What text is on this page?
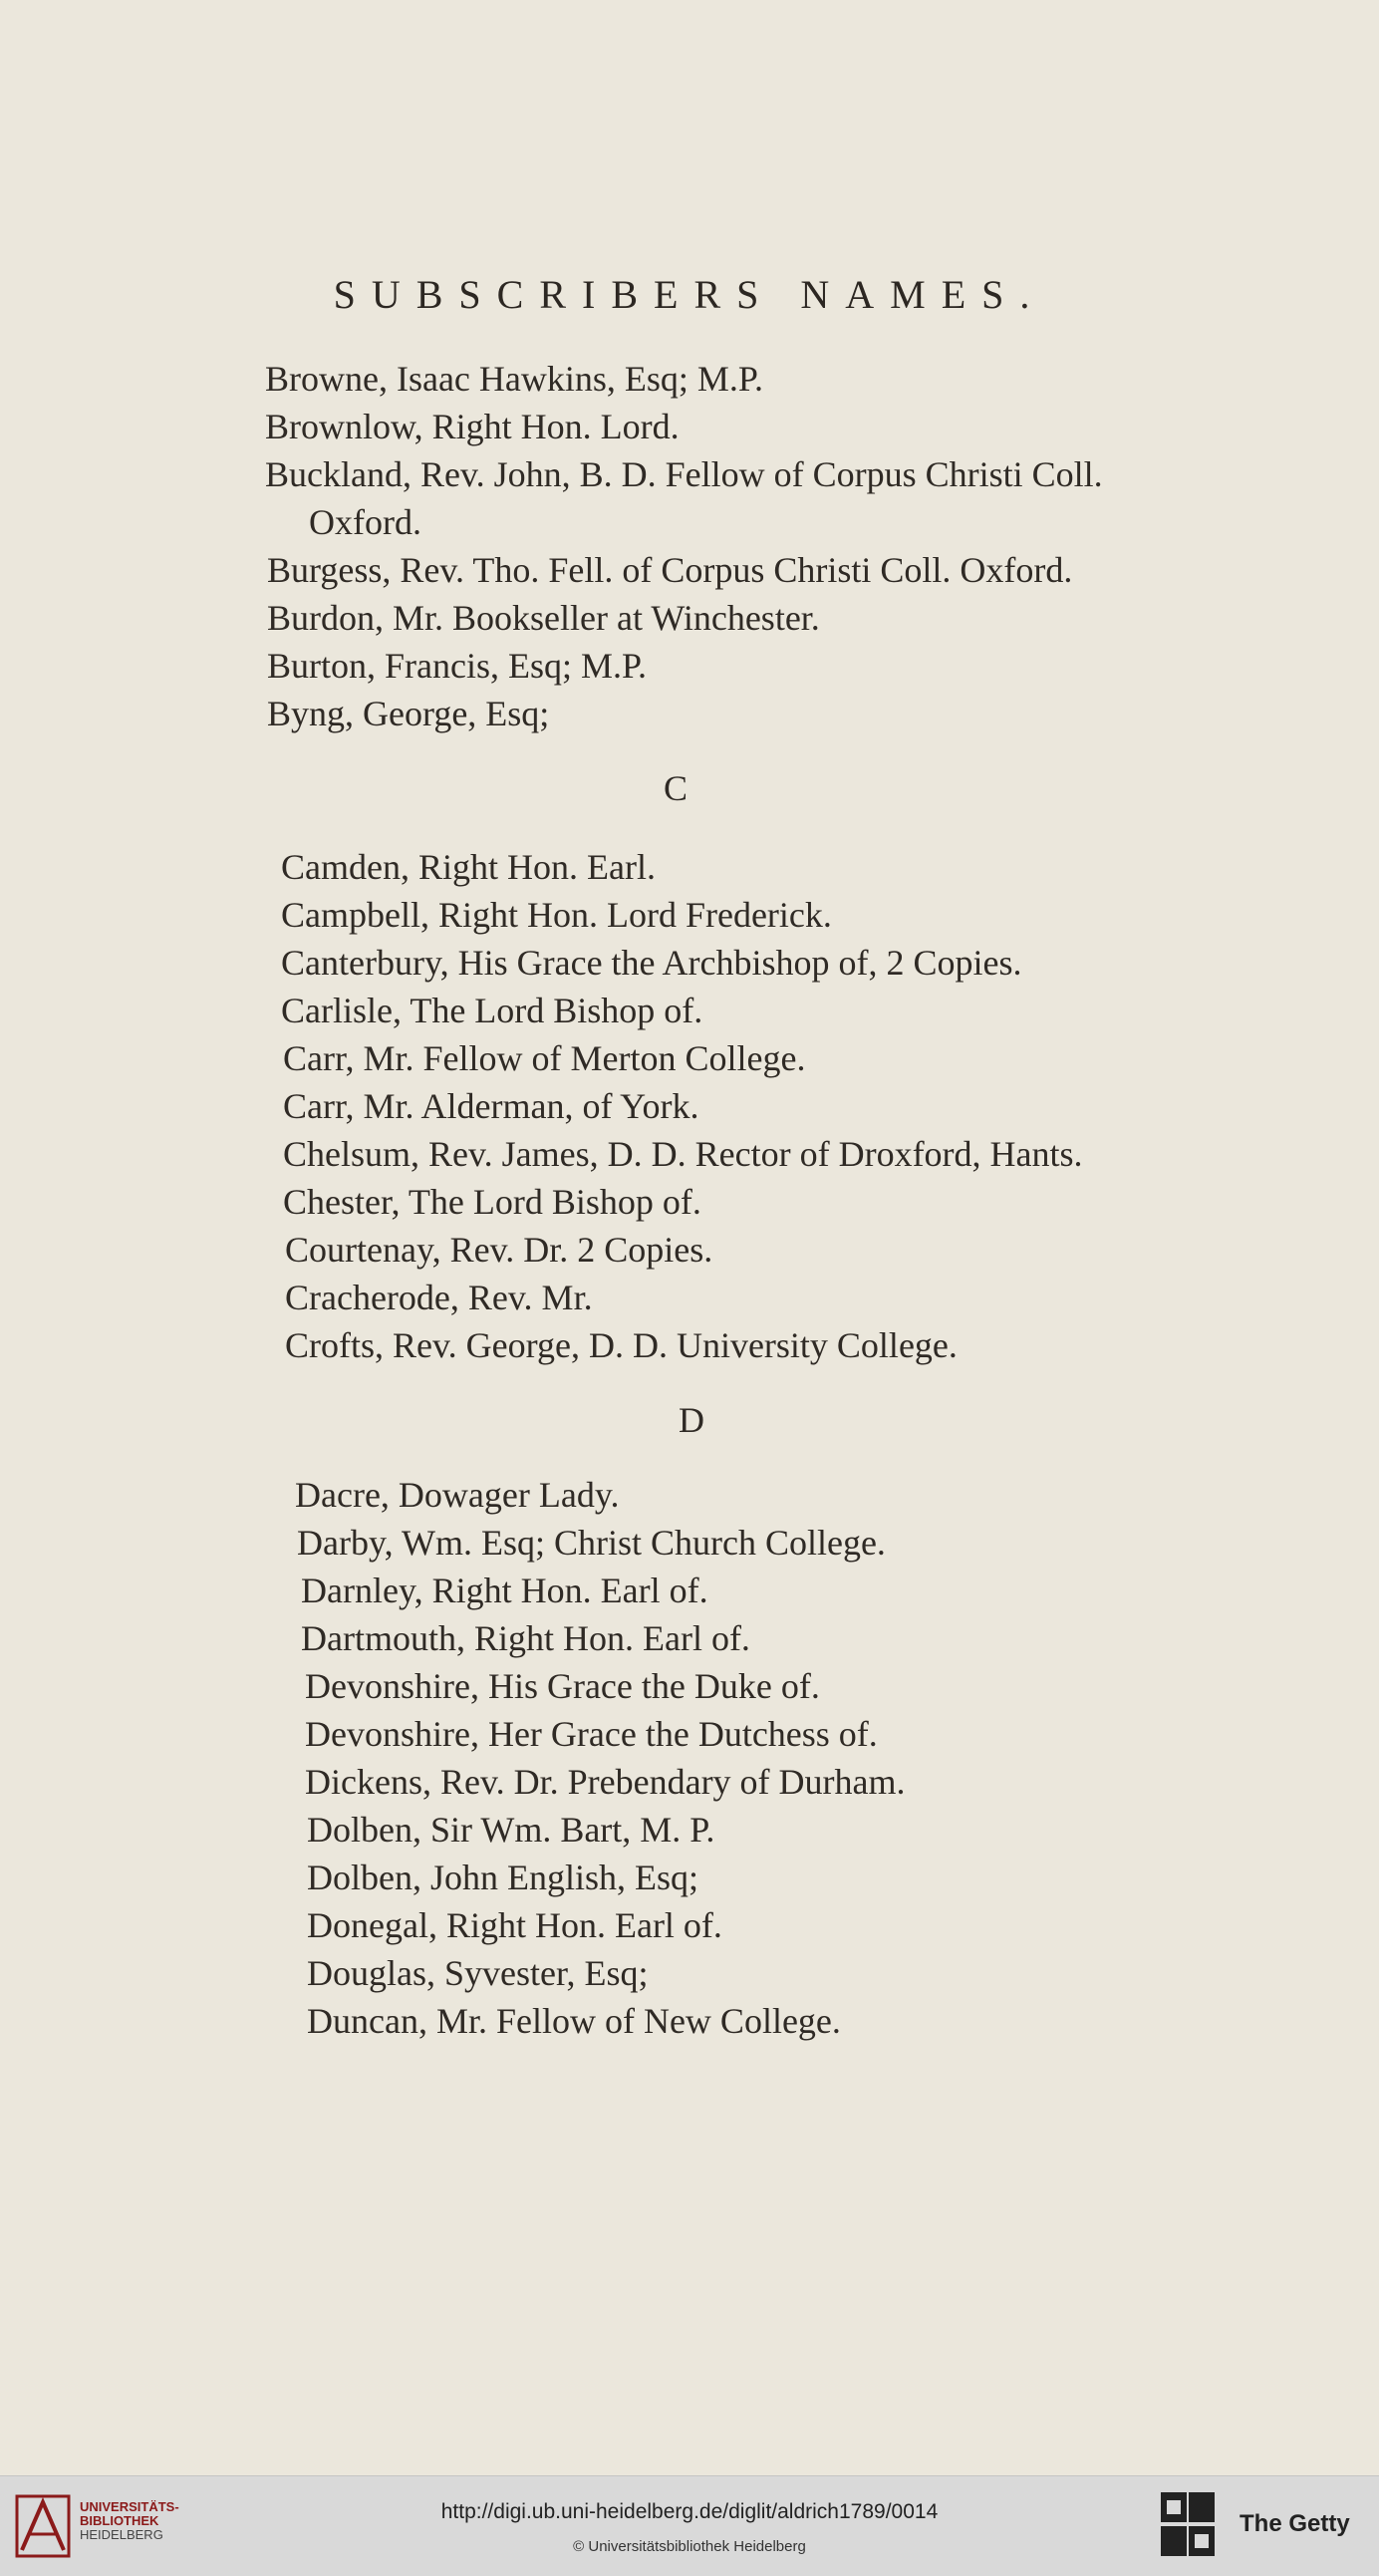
SUBSCRIBERS NAMES.
Browne, Isaac Hawkins, Esq; M.P.
Brownlow, Right Hon. Lord.
Buckland, Rev. John, B. D. Fellow of Corpus Christi Coll.
Oxford.
Burgess, Rev. Tho. Fell. of Corpus Christi Coll. Oxford.
Burdon, Mr. Bookseller at Winchester.
Burton, Francis, Esq; M.P.
Byng, George, Esq;
C
Camden, Right Hon. Earl.
Campbell, Right Hon. Lord Frederick.
Canterbury, His Grace the Archbishop of, 2 Copies.
Carlisle, The Lord Bishop of.
Carr, Mr. Fellow of Merton College.
Carr, Mr. Alderman, of York.
Chelsum, Rev. James, D. D. Rector of Droxford, Hants.
Chester, The Lord Bishop of.
Courtenay, Rev. Dr. 2 Copies.
Cracherode, Rev. Mr.
Crofts, Rev. George, D. D. University College.
D
Dacre, Dowager Lady.
Darby, Wm. Esq; Christ Church College.
Darnley, Right Hon. Earl of.
Dartmouth, Right Hon. Earl of.
Devonshire, His Grace the Duke of.
Devonshire, Her Grace the Dutchess of.
Dickens, Rev. Dr. Prebendary of Durham.
Dolben, Sir Wm. Bart, M. P.
Dolben, John English, Esq;
Donegal, Right Hon. Earl of.
Douglas, Syvester, Esq;
Duncan, Mr. Fellow of New College.
UNIVERSITÄTS-
BIBLIOTHEK
HEIDELBERG
http://digi.ub.uni-heidelberg.de/diglit/aldrich1789/0014
© Universitätsbibliothek Heidelberg
The Getty
